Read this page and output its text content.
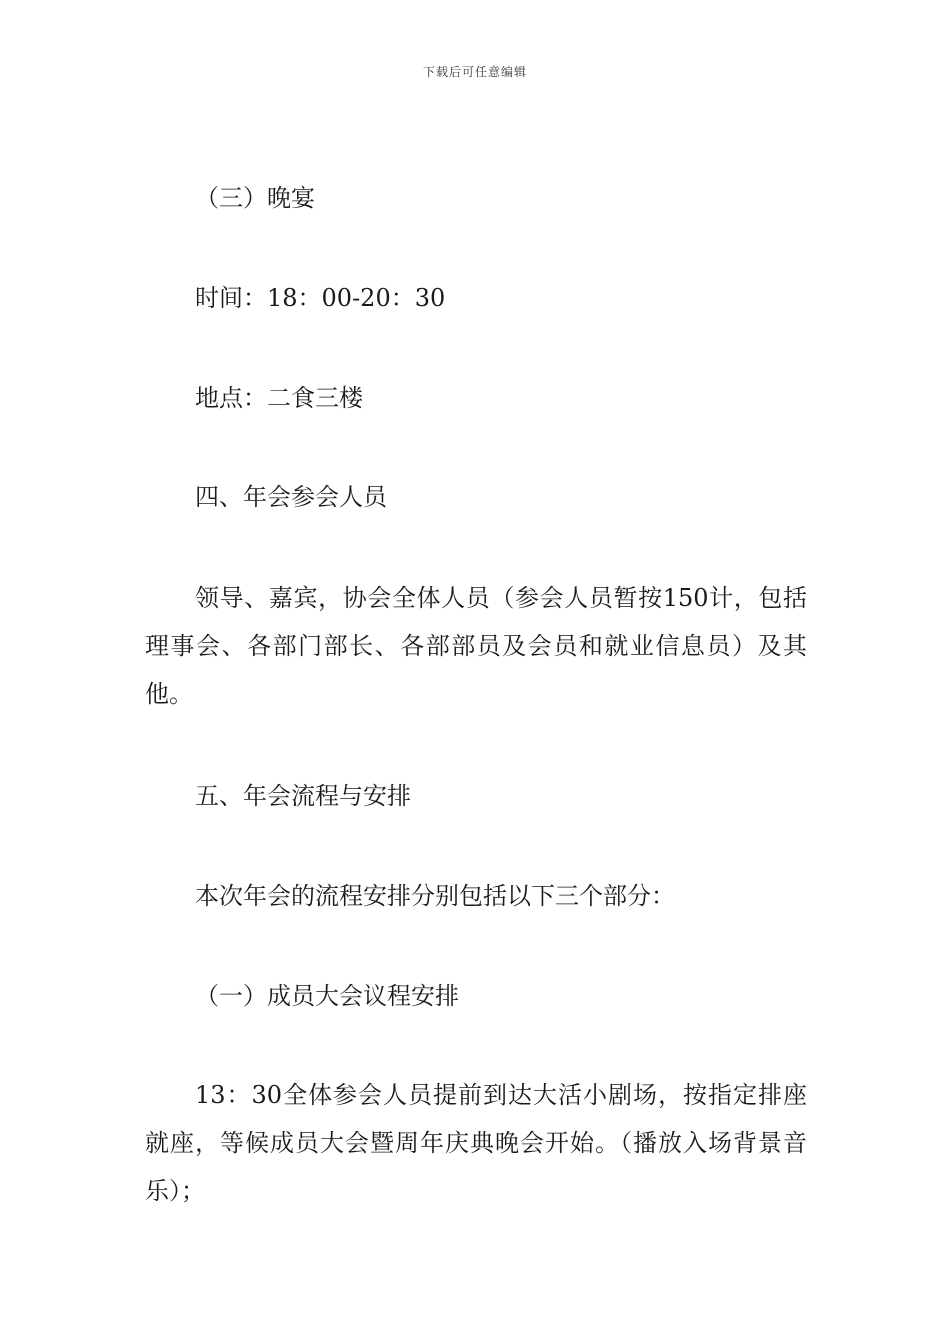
下载后可任意编辑

（三）晚宴

时间：18：00-20：30

地点：二食三楼

四、年会参会人员

领导、嘉宾，协会全体人员（参会人员暂按150计，包括理事会、各部门部长、各部部员及会员和就业信息员）及其他。

五、年会流程与安排

本次年会的流程安排分别包括以下三个部分：

（一）成员大会议程安排

13：30全体参会人员提前到达大活小剧场，按指定排座就座，等候成员大会暨周年庆典晚会开始。（播放入场背景音乐）；
